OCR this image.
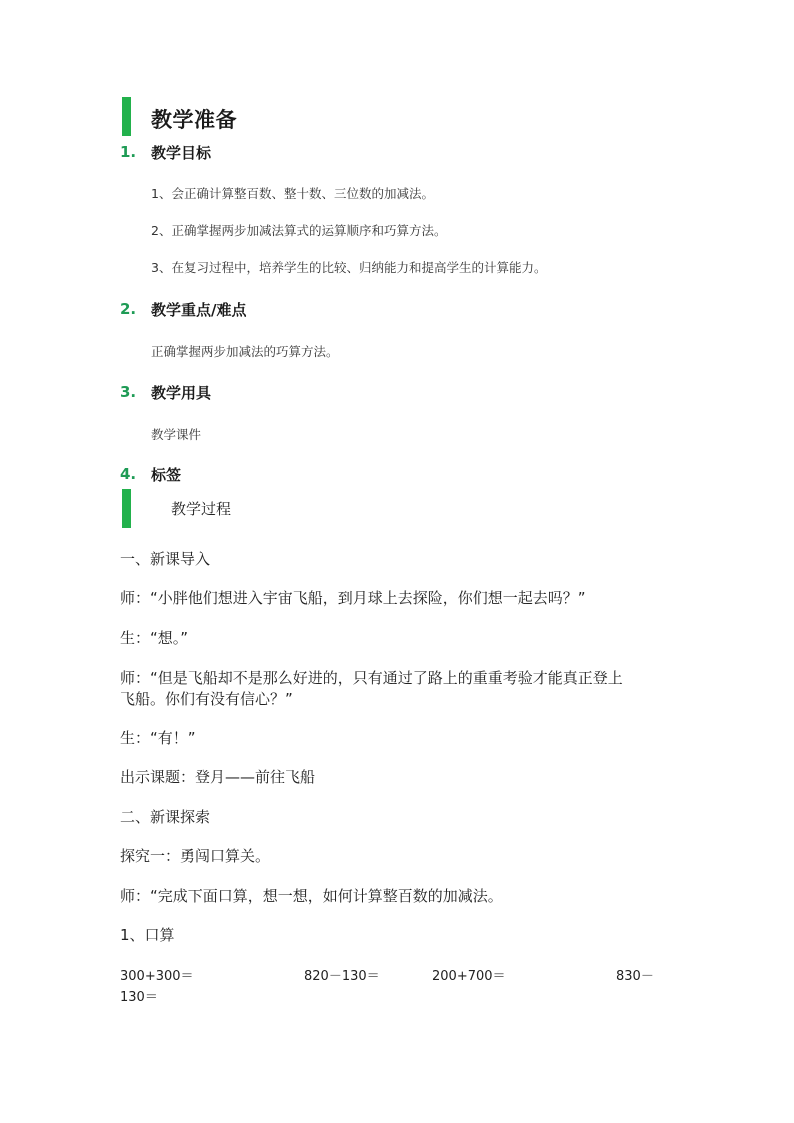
教学准备
1. 教学目标
1、会正确计算整百数、整十数、三位数的加减法。
2、正确掌握两步加减法算式的运算顺序和巧算方法。
3、在复习过程中，培养学生的比较、归纳能力和提高学生的计算能力。
2. 教学重点/难点
正确掌握两步加减法的巧算方法。
3. 教学用具
教学课件
4. 标签
教学过程
一、新课导入
师：“小胖他们想进入宇宙飞船，到月球上去探险，你们想一起去吗？”
生：“想。”
师：“但是飞船却不是那么好进的，只有通过了路上的重重考验才能真正登上
飞船。你们有没有信心？”
生：“有！”
出示课题：登月——前往飞船
二、新课探索
探究一：勇闯口算关。
师：“完成下面口算，想一想，如何计算整百数的加减法。
1、口算
300+300＝	820－130＝	200+700＝	830－
130＝
